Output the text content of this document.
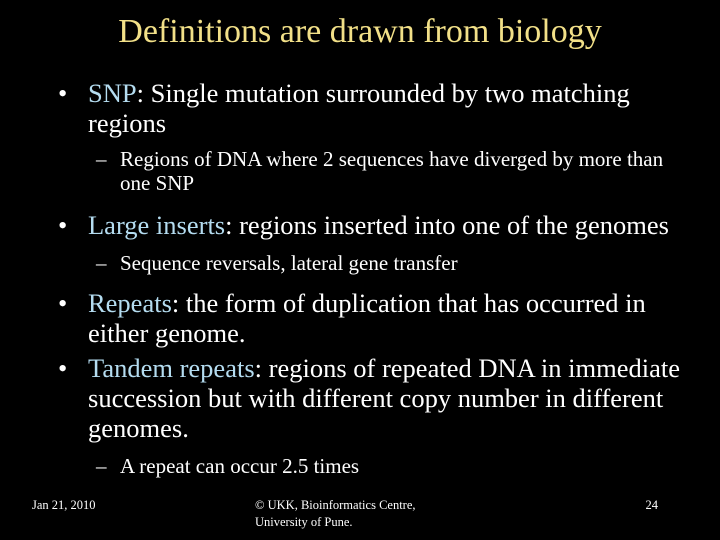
Definitions are drawn from biology
• SNP: Single mutation surrounded by two matching regions
– Regions of DNA where 2 sequences have diverged by more than one SNP
• Large inserts: regions inserted into one of the genomes
– Sequence reversals, lateral gene transfer
• Repeats: the form of duplication that has occurred in either genome.
• Tandem repeats: regions of repeated DNA in immediate succession but with different copy number in different genomes.
– A repeat can occur 2.5 times
Jan 21, 2010	© UKK, Bioinformatics Centre,
University of Pune.
24
